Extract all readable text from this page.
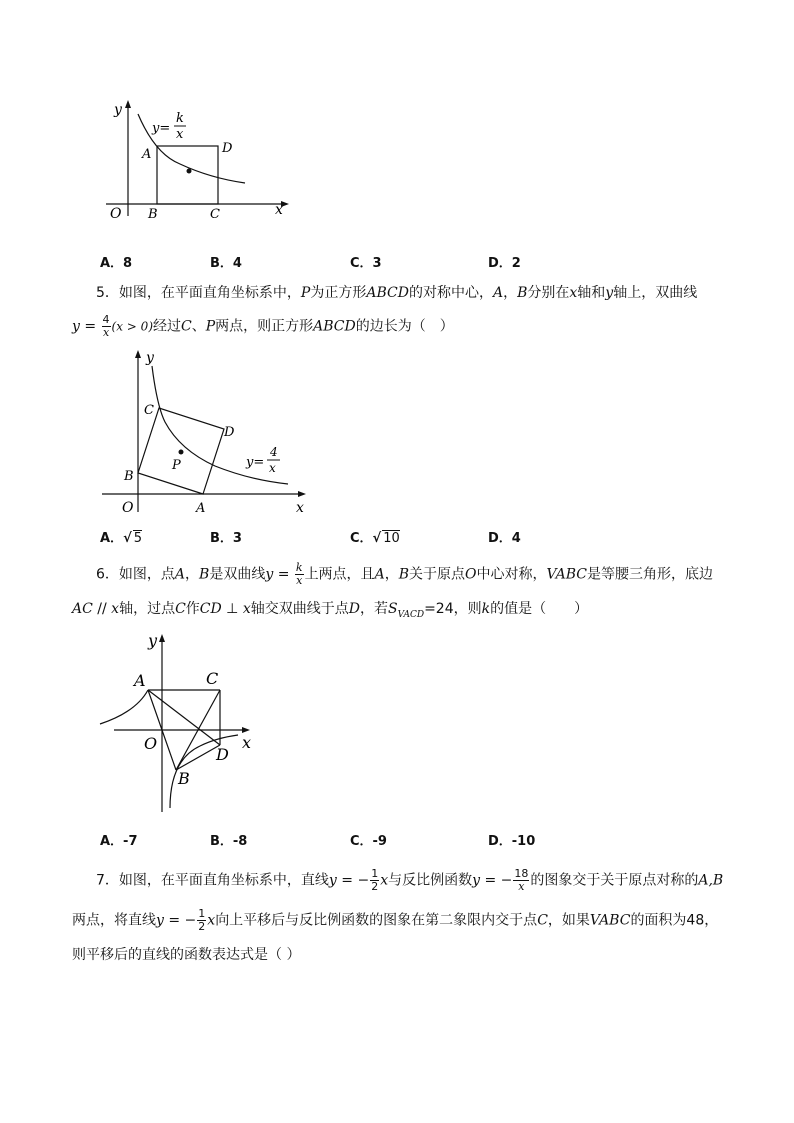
y
x
O
y=
k
x
A
B	C
D
A．8	B．4	C．3	D．2
5．如图，在平面直角坐标系中，P为正方形ABCD的对称中心，A，B分别在x轴和y轴上，双曲线
$y = \frac{4}{x} (x > 0)$经过C、P两点，则正方形ABCD的边长为（　）
y
x
O	A
B
C
D
P	y=
4
x
A．√ 5	B．3	C．√ 10	D．4
6．如图，点A，B是双曲线$y = \frac{k}{x}$ 上两点，且A，B关于原点O中心对称，VABC是等腰三角形，底边
AC // x轴，过点C作CD ⊥ x轴交双曲线于点D，若$S_{VACD}=24$，则k的值是（　　）
y
x
O
A
B
C
D
A．-7	B．-8	C．-9	D．-10
7．如图，在平面直角坐标系中，直线y = − $\frac{1}{2}$ x与反比例函数y = − $\frac{18}{x}$ 的图象交于关于原点对称的A,B
两点，将直线y = − $\frac{1}{2}$ x向上平移后与反比例函数的图象在第二象限内交于点C，如果VABC的面积为48，
则平移后的直线的函数表达式是（ ）
